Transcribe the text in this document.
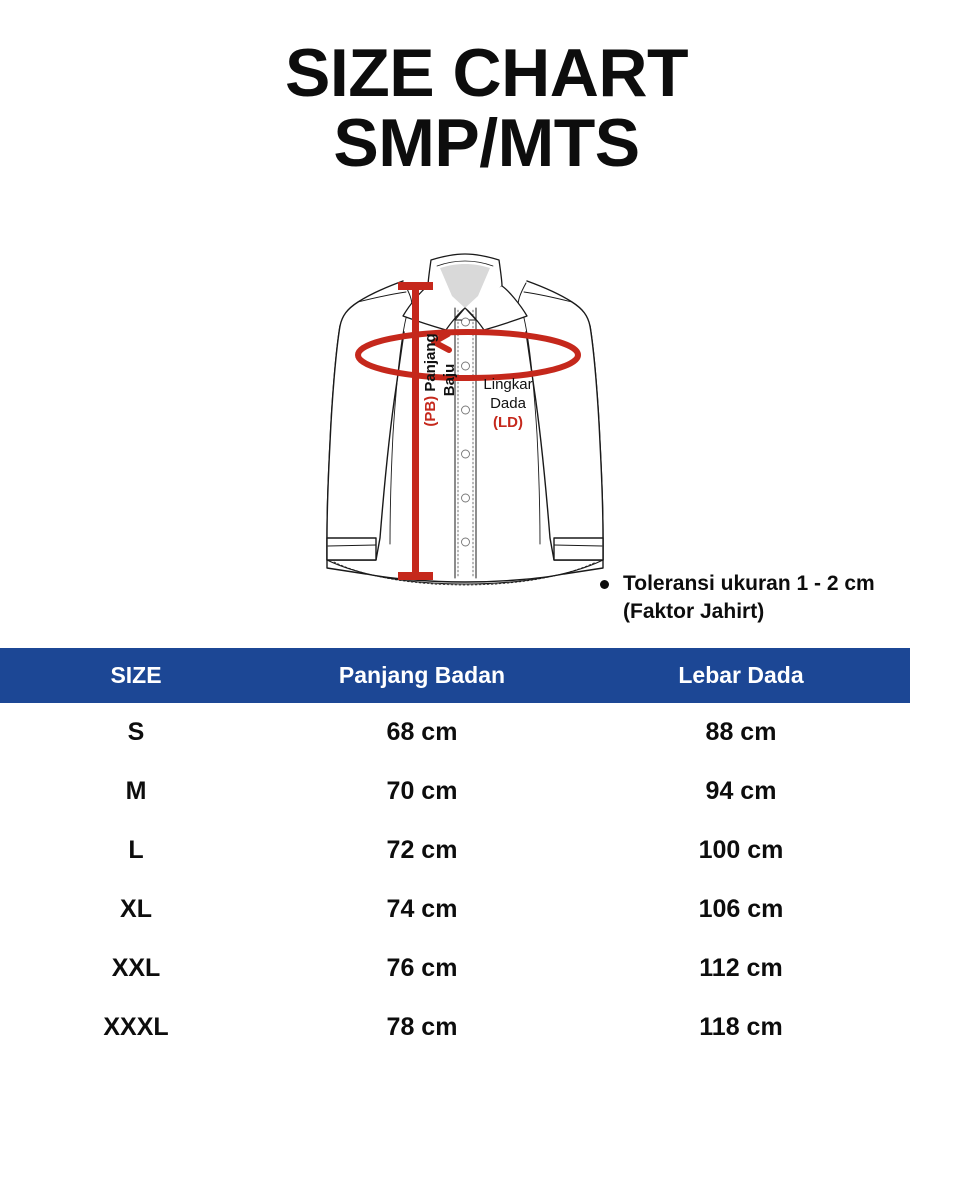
SIZE CHART
SMP/MTS
(PB) Panjang Baju	Lingkar
Dada
(LD)
Toleransi ukuran 1 - 2 cm
(Faktor Jahirt)
SIZE	Panjang Badan	Lebar Dada
S	68 cm	88 cm
M	70 cm	94 cm
L	72 cm	100 cm
XL	74 cm	106 cm
XXL	76 cm	112 cm
XXXL	78 cm	118 cm
